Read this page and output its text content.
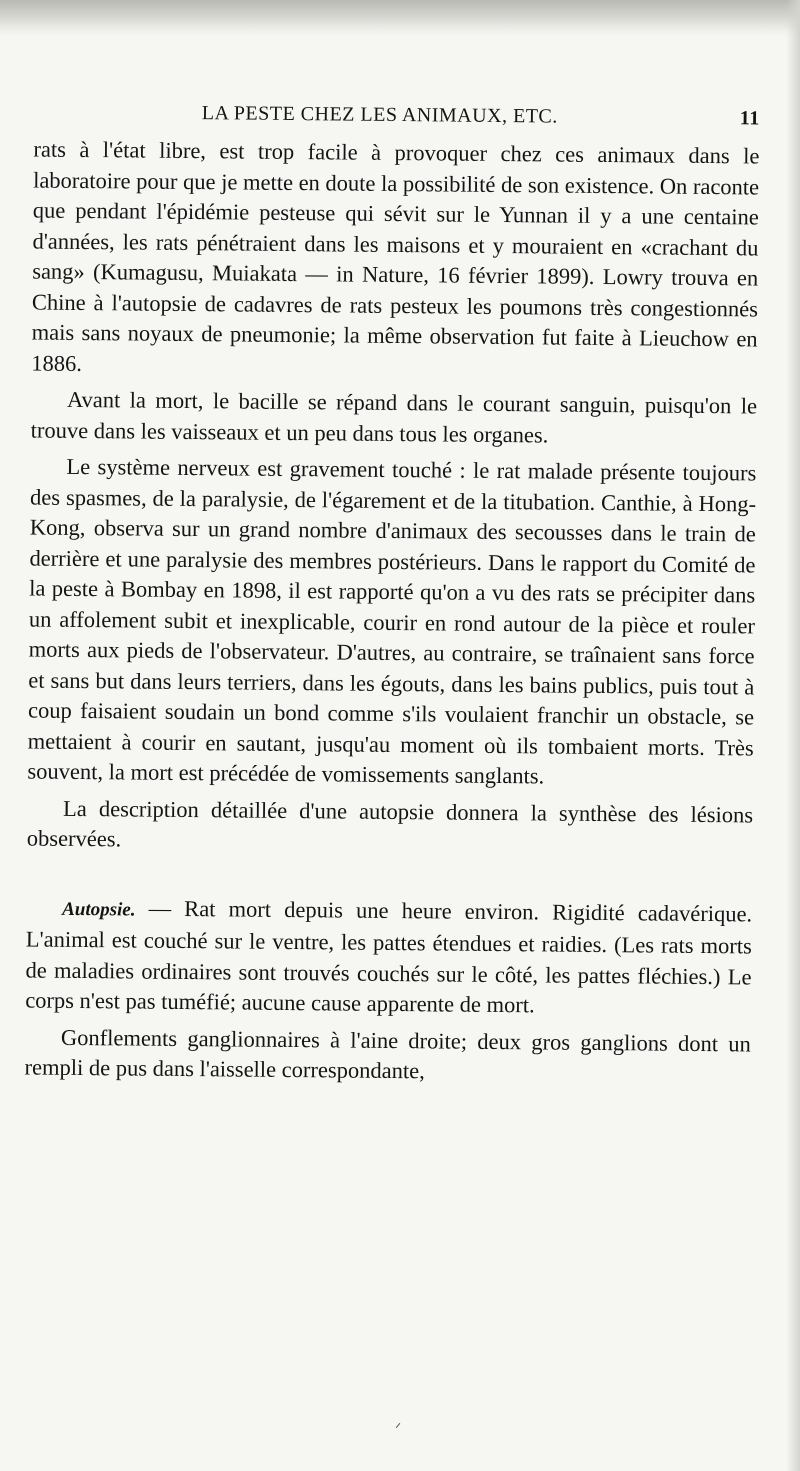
LA PESTE CHEZ LES ANIMAUX, ETC.	11

rats à l'état libre, est trop facile à provoquer chez ces animaux dans le laboratoire pour que je mette en doute la possibilité de son existence. On raconte que pendant l'épidémie pesteuse qui sévit sur le Yunnan il y a une centaine d'années, les rats pénétraient dans les maisons et y mouraient en «crachant du sang» (Kumagusu, Muiakata — in Nature, 16 février 1899). Lowry trouva en Chine à l'autopsie de cadavres de rats pesteux les poumons très congestionnés mais sans noyaux de pneumonie; la même observation fut faite à Lieuchow en 1886.

Avant la mort, le bacille se répand dans le courant sanguin, puisqu'on le trouve dans les vaisseaux et un peu dans tous les organes.

Le système nerveux est gravement touché : le rat malade présente toujours des spasmes, de la paralysie, de l'égarement et de la titubation. Canthie, à Hong-Kong, observa sur un grand nombre d'animaux des secousses dans le train de derrière et une paralysie des membres postérieurs. Dans le rapport du Comité de la peste à Bombay en 1898, il est rapporté qu'on a vu des rats se précipiter dans un affolement subit et inexplicable, courir en rond autour de la pièce et rouler morts aux pieds de l'observateur. D'autres, au contraire, se traînaient sans force et sans but dans leurs terriers, dans les égouts, dans les bains publics, puis tout à coup faisaient soudain un bond comme s'ils voulaient franchir un obstacle, se mettaient à courir en sautant, jusqu'au moment où ils tombaient morts. Très souvent, la mort est précédée de vomissements sanglants.

La description détaillée d'une autopsie donnera la synthèse des lésions observées.

Autopsie. — Rat mort depuis une heure environ. Rigidité cadavérique. L'animal est couché sur le ventre, les pattes étendues et raidies. (Les rats morts de maladies ordinaires sont trouvés couchés sur le côté, les pattes fléchies.) Le corps n'est pas tuméfié; aucune cause apparente de mort.

Gonflements ganglionnaires à l'aine droite; deux gros ganglions dont un rempli de pus dans l'aisselle correspondante,
